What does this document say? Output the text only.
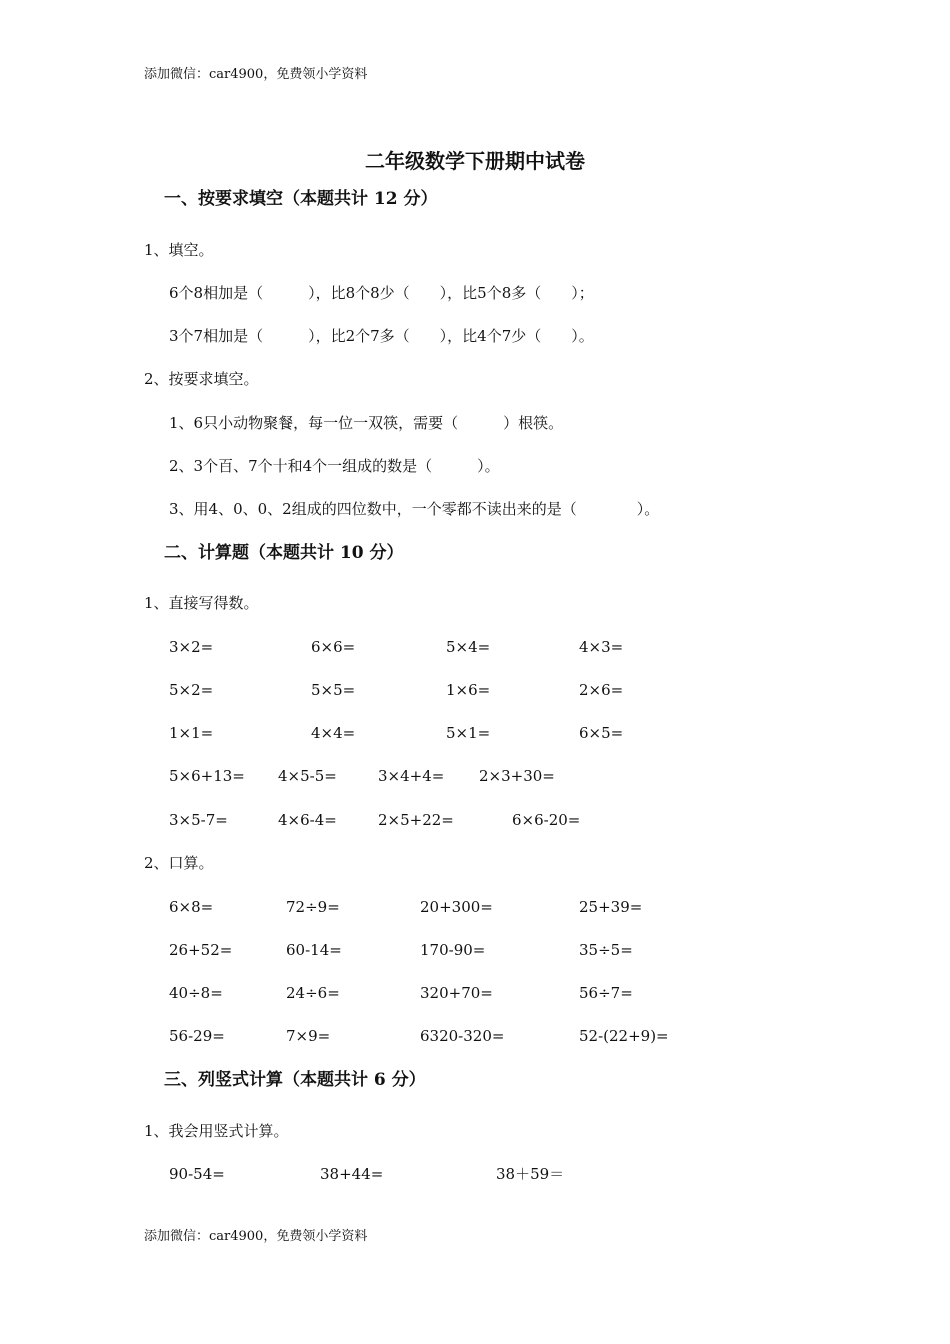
添加微信：car4900，免费领小学资料
二年级数学下册期中试卷
一、按要求填空（本题共计 12 分）
1、填空。
6个8相加是（　　　），比8个8少（　　），比5个8多（　　）；
3个7相加是（　　　），比2个7多（　　），比4个7少（　　）。
2、按要求填空。
1、6只小动物聚餐，每一位一双筷，需要（　　　）根筷。
2、3个百、7个十和4个一组成的数是（　　　）。
3、用4、0、0、2组成的四位数中，一个零都不读出来的是（　　　　）。
二、计算题（本题共计 10 分）
1、直接写得数。
3×2=	6×6=	5×4=	4×3=
5×2=	5×5=	1×6=	2×6=
1×1=	4×4=	5×1=	6×5=
5×6+13= 4×5-5=	3×4+4= 2×3+30=
3×5-7=	4×6-4=	2×5+22=	6×6-20=
2、口算。
6×8=	72÷9=	20+300=	25+39=
26+52=	60-14=	170-90=	35÷5=
40÷8=	24÷6=	320+70=	56÷7=
56-29=	7×9=	6320-320=	52-(22+9)=
三、列竖式计算（本题共计 6 分）
1、我会用竖式计算。
90-54=	38+44=	38＋59＝
添加微信：car4900，免费领小学资料
